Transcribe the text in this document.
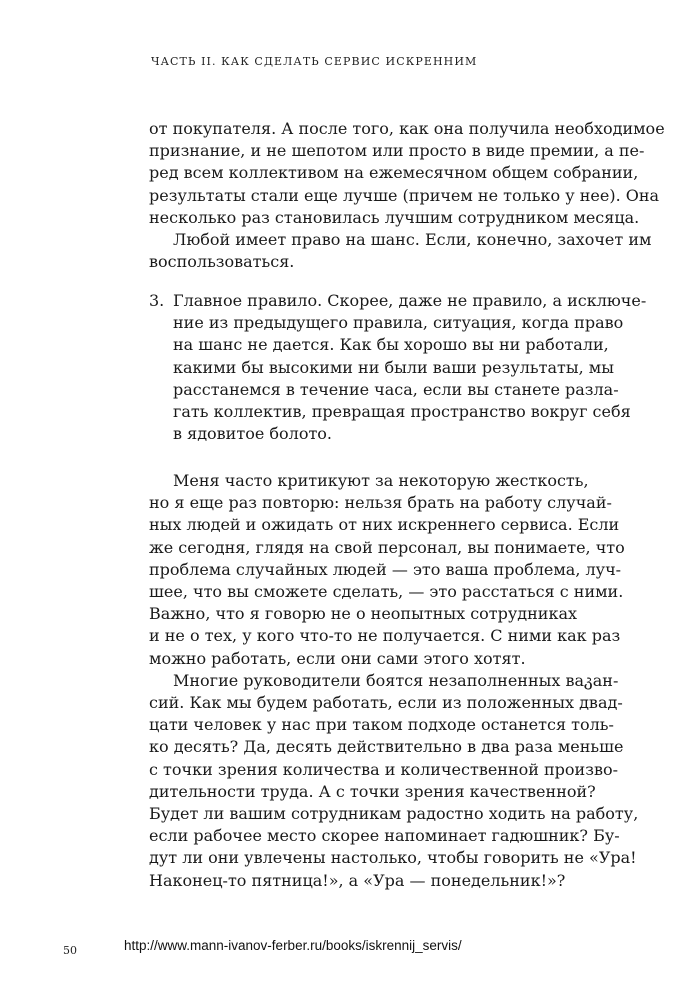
ЧАСТЬ II. КАК СДЕЛАТЬ СЕРВИС ИСКРЕННИМ
от покупателя. А после того, как она получила необходимое
признание, и не шепотом или просто в виде премии, а пе-
ред всем коллективом на ежемесячном общем собрании,
результаты стали еще лучше (причем не только у нее). Она
несколько раз становилась лучшим сотрудником месяца.
Любой имеет право на шанс. Если, конечно, захочет им
воспользоваться.
3. Главное правило. Скорее, даже не правило, а исключе-
ние из предыдущего правила, ситуация, когда право
на шанс не дается. Как бы хорошо вы ни работали,
какими бы высокими ни были ваши результаты, мы
расстанемся в течение часа, если вы станете разла-
гать коллектив, превращая пространство вокруг себя
в ядовитое болото.
Меня часто критикуют за некоторую жесткость,
но я еще раз повторю: нельзя брать на работу случай-
ных людей и ожидать от них искреннего сервиса. Если
же сегодня, глядя на свой персонал, вы понимаете, что
проблема случайных людей — это ваша проблема, луч-
шее, что вы сможете сделать, — это расстаться с ними.
Важно, что я говорю не о неопытных сотрудниках
и не о тех, у кого что-то не получается. С ними как раз
можно работать, если они сами этого хотят.
Многие руководители боятся незаполненных ваკан-
сий. Как мы будем работать, если из положенных двад-
цати человек у нас при таком подходе останется толь-
ко десять? Да, десять действительно в два раза меньше
с точки зрения количества и количественной произво-
дительности труда. А с точки зрения качественной?
Будет ли вашим сотрудникам радостно ходить на работу,
если рабочее место скорее напоминает гадюшник? Бу-
дут ли они увлечены настолько, чтобы говорить не «Ура!
Наконец-то пятница!», а «Ура — понедельник!»?
50	http://www.mann-ivanov-ferber.ru/books/iskrennij_servis/
